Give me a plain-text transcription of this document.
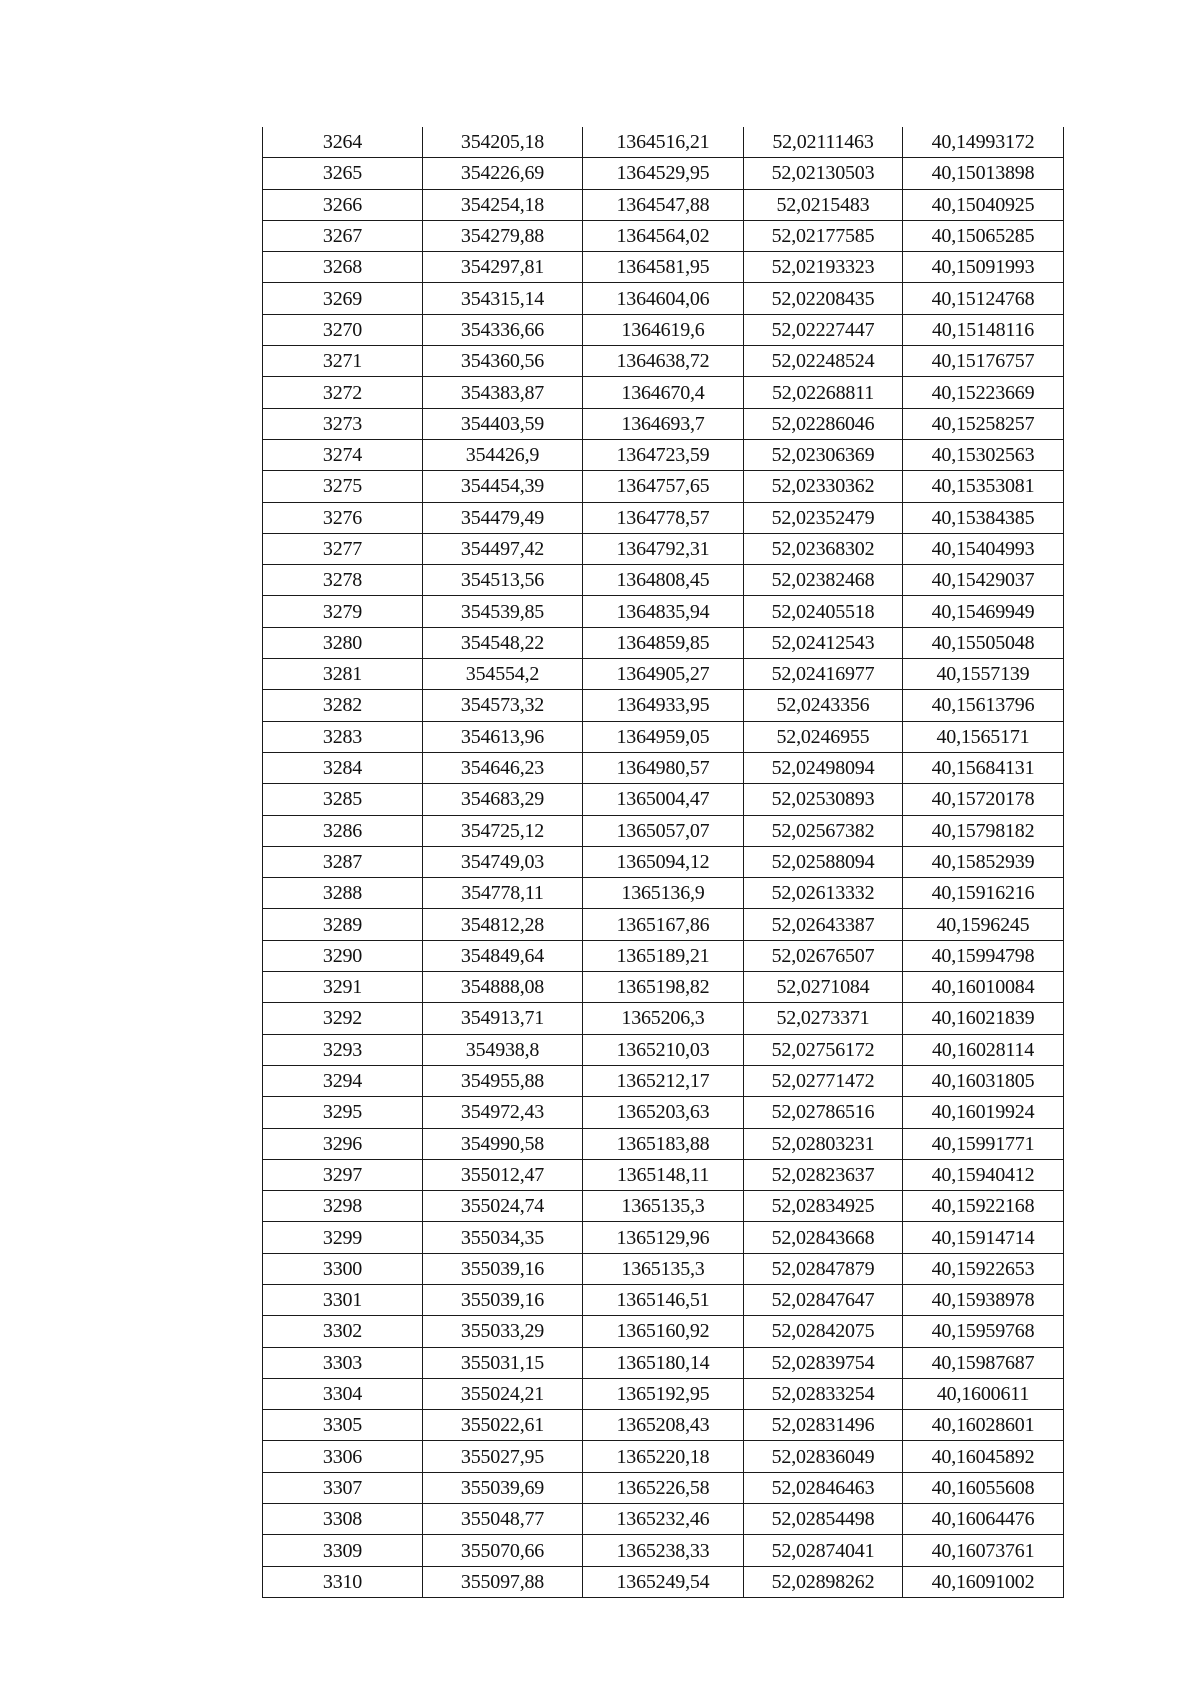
3264	354205,18	1364516,21	52,02111463	40,14993172
3265	354226,69	1364529,95	52,02130503	40,15013898
3266	354254,18	1364547,88	52,0215483	40,15040925
3267	354279,88	1364564,02	52,02177585	40,15065285
3268	354297,81	1364581,95	52,02193323	40,15091993
3269	354315,14	1364604,06	52,02208435	40,15124768
3270	354336,66	1364619,6	52,02227447	40,15148116
3271	354360,56	1364638,72	52,02248524	40,15176757
3272	354383,87	1364670,4	52,02268811	40,15223669
3273	354403,59	1364693,7	52,02286046	40,15258257
3274	354426,9	1364723,59	52,02306369	40,15302563
3275	354454,39	1364757,65	52,02330362	40,15353081
3276	354479,49	1364778,57	52,02352479	40,15384385
3277	354497,42	1364792,31	52,02368302	40,15404993
3278	354513,56	1364808,45	52,02382468	40,15429037
3279	354539,85	1364835,94	52,02405518	40,15469949
3280	354548,22	1364859,85	52,02412543	40,15505048
3281	354554,2	1364905,27	52,02416977	40,1557139
3282	354573,32	1364933,95	52,0243356	40,15613796
3283	354613,96	1364959,05	52,0246955	40,1565171
3284	354646,23	1364980,57	52,02498094	40,15684131
3285	354683,29	1365004,47	52,02530893	40,15720178
3286	354725,12	1365057,07	52,02567382	40,15798182
3287	354749,03	1365094,12	52,02588094	40,15852939
3288	354778,11	1365136,9	52,02613332	40,15916216
3289	354812,28	1365167,86	52,02643387	40,1596245
3290	354849,64	1365189,21	52,02676507	40,15994798
3291	354888,08	1365198,82	52,0271084	40,16010084
3292	354913,71	1365206,3	52,0273371	40,16021839
3293	354938,8	1365210,03	52,02756172	40,16028114
3294	354955,88	1365212,17	52,02771472	40,16031805
3295	354972,43	1365203,63	52,02786516	40,16019924
3296	354990,58	1365183,88	52,02803231	40,15991771
3297	355012,47	1365148,11	52,02823637	40,15940412
3298	355024,74	1365135,3	52,02834925	40,15922168
3299	355034,35	1365129,96	52,02843668	40,15914714
3300	355039,16	1365135,3	52,02847879	40,15922653
3301	355039,16	1365146,51	52,02847647	40,15938978
3302	355033,29	1365160,92	52,02842075	40,15959768
3303	355031,15	1365180,14	52,02839754	40,15987687
3304	355024,21	1365192,95	52,02833254	40,1600611
3305	355022,61	1365208,43	52,02831496	40,16028601
3306	355027,95	1365220,18	52,02836049	40,16045892
3307	355039,69	1365226,58	52,02846463	40,16055608
3308	355048,77	1365232,46	52,02854498	40,16064476
3309	355070,66	1365238,33	52,02874041	40,16073761
3310	355097,88	1365249,54	52,02898262	40,16091002
